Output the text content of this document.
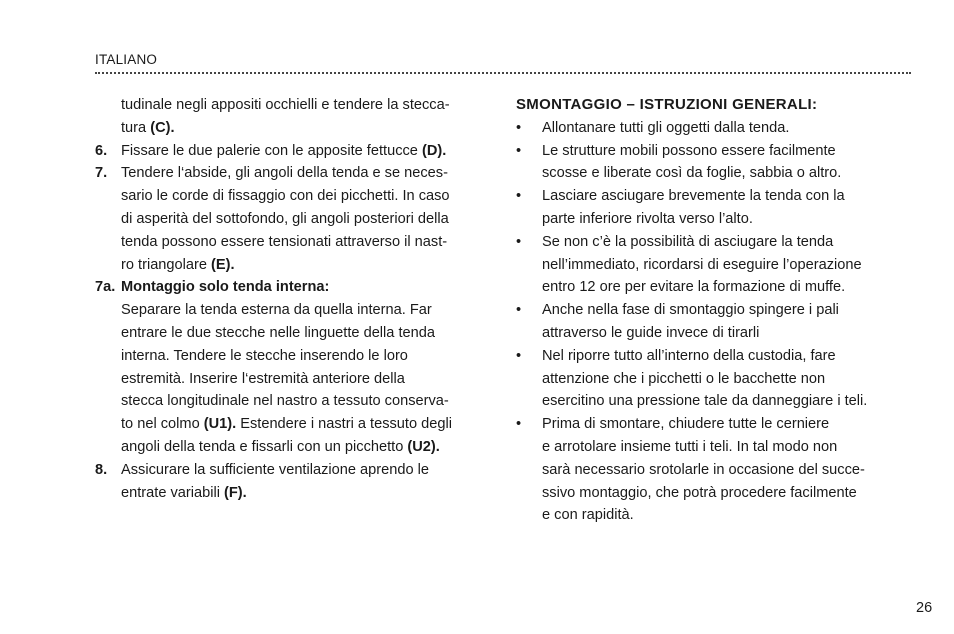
ITALIANO
tudinale negli appositi occhielli e tendere la stecca-
tura (C).
6. Fissare le due palerie con le apposite fettucce (D).
7. Tendere l‘abside, gli angoli della tenda e se neces-
sario le corde di fissaggio con dei picchetti. In caso
di asperità del sottofondo, gli angoli posteriori della
tenda possono essere tensionati attraverso il nast-
ro triangolare (E).
7a. Montaggio solo tenda interna:
Separare la tenda esterna da quella interna. Far
entrare le due stecche nelle linguette della tenda
interna. Tendere le stecche inserendo le loro
estremità. Inserire l‘estremità anteriore della
stecca longitudinale nel nastro a tessuto conserva-
to nel colmo (U1). Estendere i nastri a tessuto degli
angoli della tenda e fissarli con un picchetto (U2).
8. Assicurare la sufficiente ventilazione aprendo le
entrate variabili (F).
SMONTAGGIO – ISTRUZIONI GENERALI:
• Allontanare tutti gli oggetti dalla tenda.
• Le strutture mobili possono essere facilmente
scosse e liberate così da foglie, sabbia o altro.
• Lasciare asciugare brevemente la tenda con la
parte inferiore rivolta verso l’alto.
• Se non c’è la possibilità di asciugare la tenda
nell’immediato, ricordarsi di eseguire l’operazione
entro 12 ore per evitare la formazione di muffe.
• Anche nella fase di smontaggio spingere i pali
attraverso le guide invece di tirarli
• Nel riporre tutto all’interno della custodia, fare
attenzione che i picchetti o le bacchette non
esercitino una pressione tale da danneggiare i teli.
• Prima di smontare, chiudere tutte le cerniere
e arrotolare insieme tutti i teli. In tal modo non
sarà necessario srotolarle in occasione del succe-
ssivo montaggio, che potrà procedere facilmente
e con rapidità.
26
